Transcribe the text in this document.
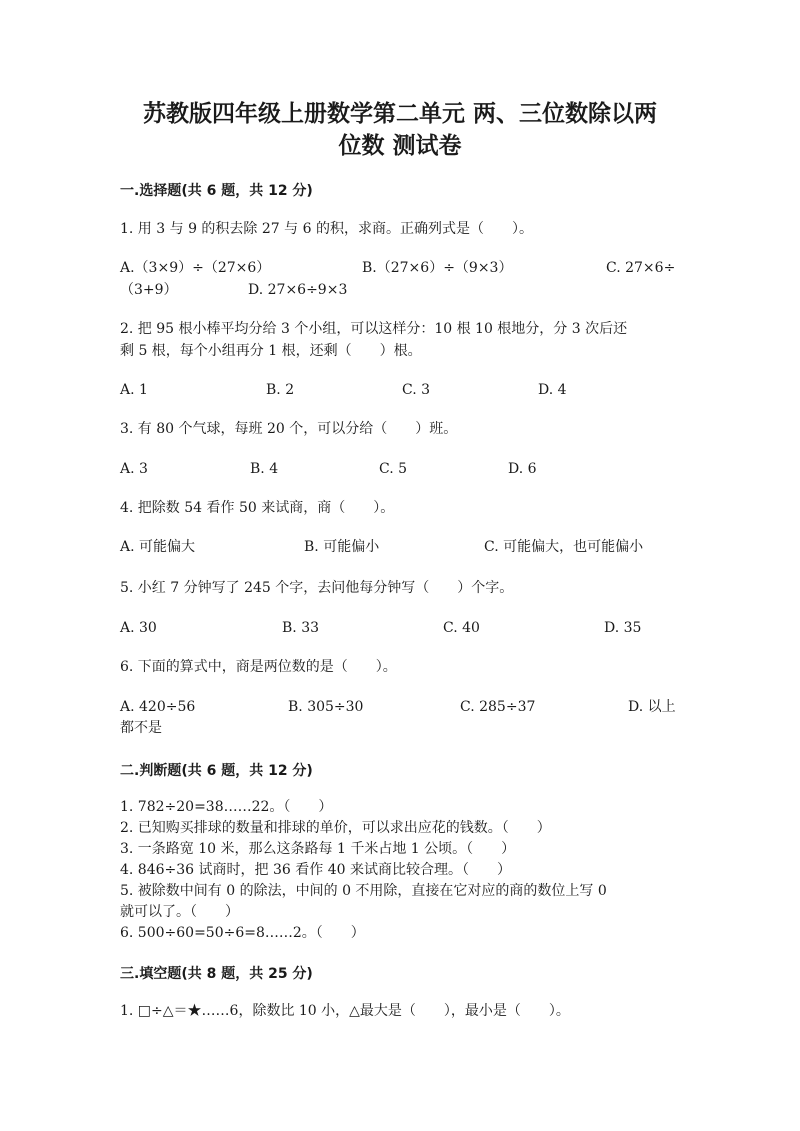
苏教版四年级上册数学第二单元 两、三位数除以两
位数 测试卷
一.选择题(共 6 题，共 12 分)
1. 用 3 与 9 的积去除 27 与 6 的积，求商。正确列式是（　　）。
A.（3×9）÷（27×6）	B.（27×6）÷（9×3）	C. 27×6÷
（3+9）	D. 27×6÷9×3
2. 把 95 根小棒平均分给 3 个小组，可以这样分：10 根 10 根地分，分 3 次后还
剩 5 根，每个小组再分 1 根，还剩（　　）根。
A. 1	B. 2	C. 3	D. 4
3. 有 80 个气球，每班 20 个，可以分给（　　）班。
A. 3	B. 4	C. 5	D. 6
4. 把除数 54 看作 50 来试商，商（　　）。
A. 可能偏大	B. 可能偏小	C. 可能偏大，也可能偏小
5. 小红 7 分钟写了 245 个字，去问他每分钟写（　　）个字。
A. 30	B. 33	C. 40	D. 35
6. 下面的算式中，商是两位数的是（　　）。
A. 420÷56	B. 305÷30	C. 285÷37	D. 以上
都不是
二.判断题(共 6 题，共 12 分)
1. 782÷20=38……22。（　　）
2. 已知购买排球的数量和排球的单价，可以求出应花的钱数。（　　）
3. 一条路宽 10 米，那么这条路每 1 千米占地 1 公顷。（　　）
4. 846÷36 试商时，把 36 看作 40 来试商比较合理。（　　）
5. 被除数中间有 0 的除法，中间的 0 不用除，直接在它对应的商的数位上写 0
就可以了。（　　）
6. 500÷60=50÷6=8……2。（　　）
三.填空题(共 8 题，共 25 分)
1. □÷△＝★……6，除数比 10 小，△最大是（　　），最小是（　　）。
